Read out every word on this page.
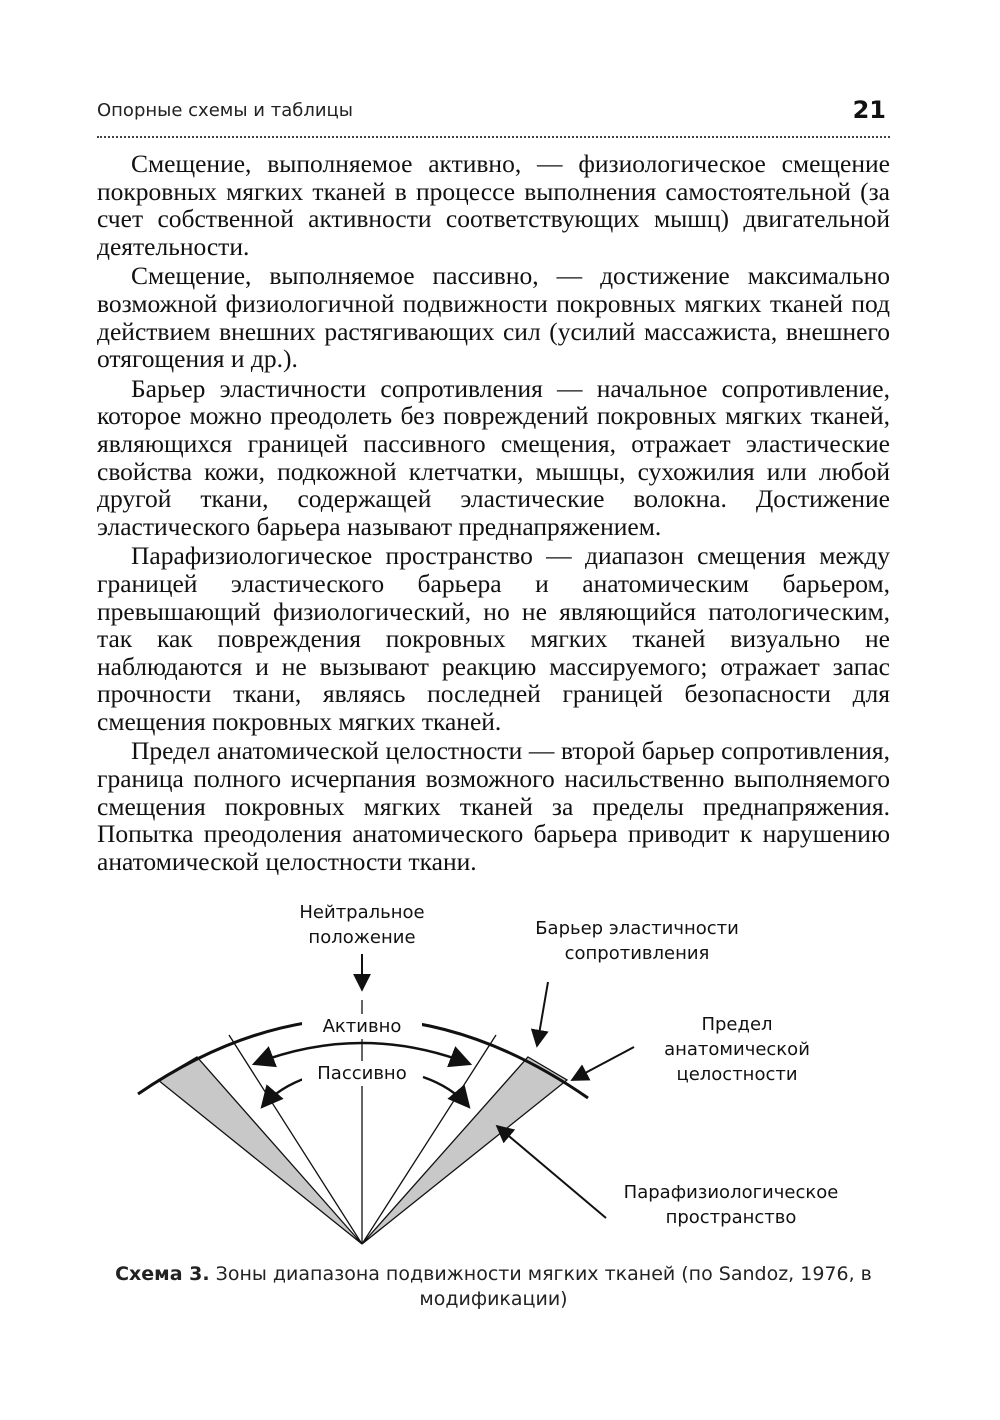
Опорные схемы и таблицы	21

Смещение, выполняемое активно, — физиологическое смещение покровных мягких тканей в процессе выполнения самостоятельной (за счет собственной активности соответствующих мышц) двигательной деятельности.

Смещение, выполняемое пассивно, — достижение максимально возможной физиологичной подвижности покровных мягких тканей под действием внешних растягивающих сил (усилий массажиста, внешнего отягощения и др.).

Барьер эластичности сопротивления — начальное сопротивление, которое можно преодолеть без повреждений покровных мягких тканей, являющихся границей пассивного смещения, отражает эластические свойства кожи, подкожной клетчатки, мышцы, сухожилия или любой другой ткани, содержащей эластические волокна. Достижение эластического барьера называют преднапряжением.

Парафизиологическое пространство — диапазон смещения между границей эластического барьера и анатомическим барьером, превышающий физиологический, но не являющийся патологическим, так как повреждения покровных мягких тканей визуально не наблюдаются и не вызывают реакцию массируемого; отражает запас прочности ткани, являясь последней границей безопасности для смещения покровных мягких тканей.

Предел анатомической целостности — второй барьер сопротивления, граница полного исчерпания возможного насильственно выполняемого смещения покровных мягких тканей за пределы преднапряжения. Попытка преодоления анатомического барьера приводит к нарушению анатомической целостности ткани.

Нейтральное
положение	Барьер эластичности
сопротивления
Предел
анатомической
целостности
Активно
Пассивно
Парафизиологическое
пространство
Схема 3. Зоны диапазона подвижности мягких тканей (по Sandoz, 1976, в модификации)
